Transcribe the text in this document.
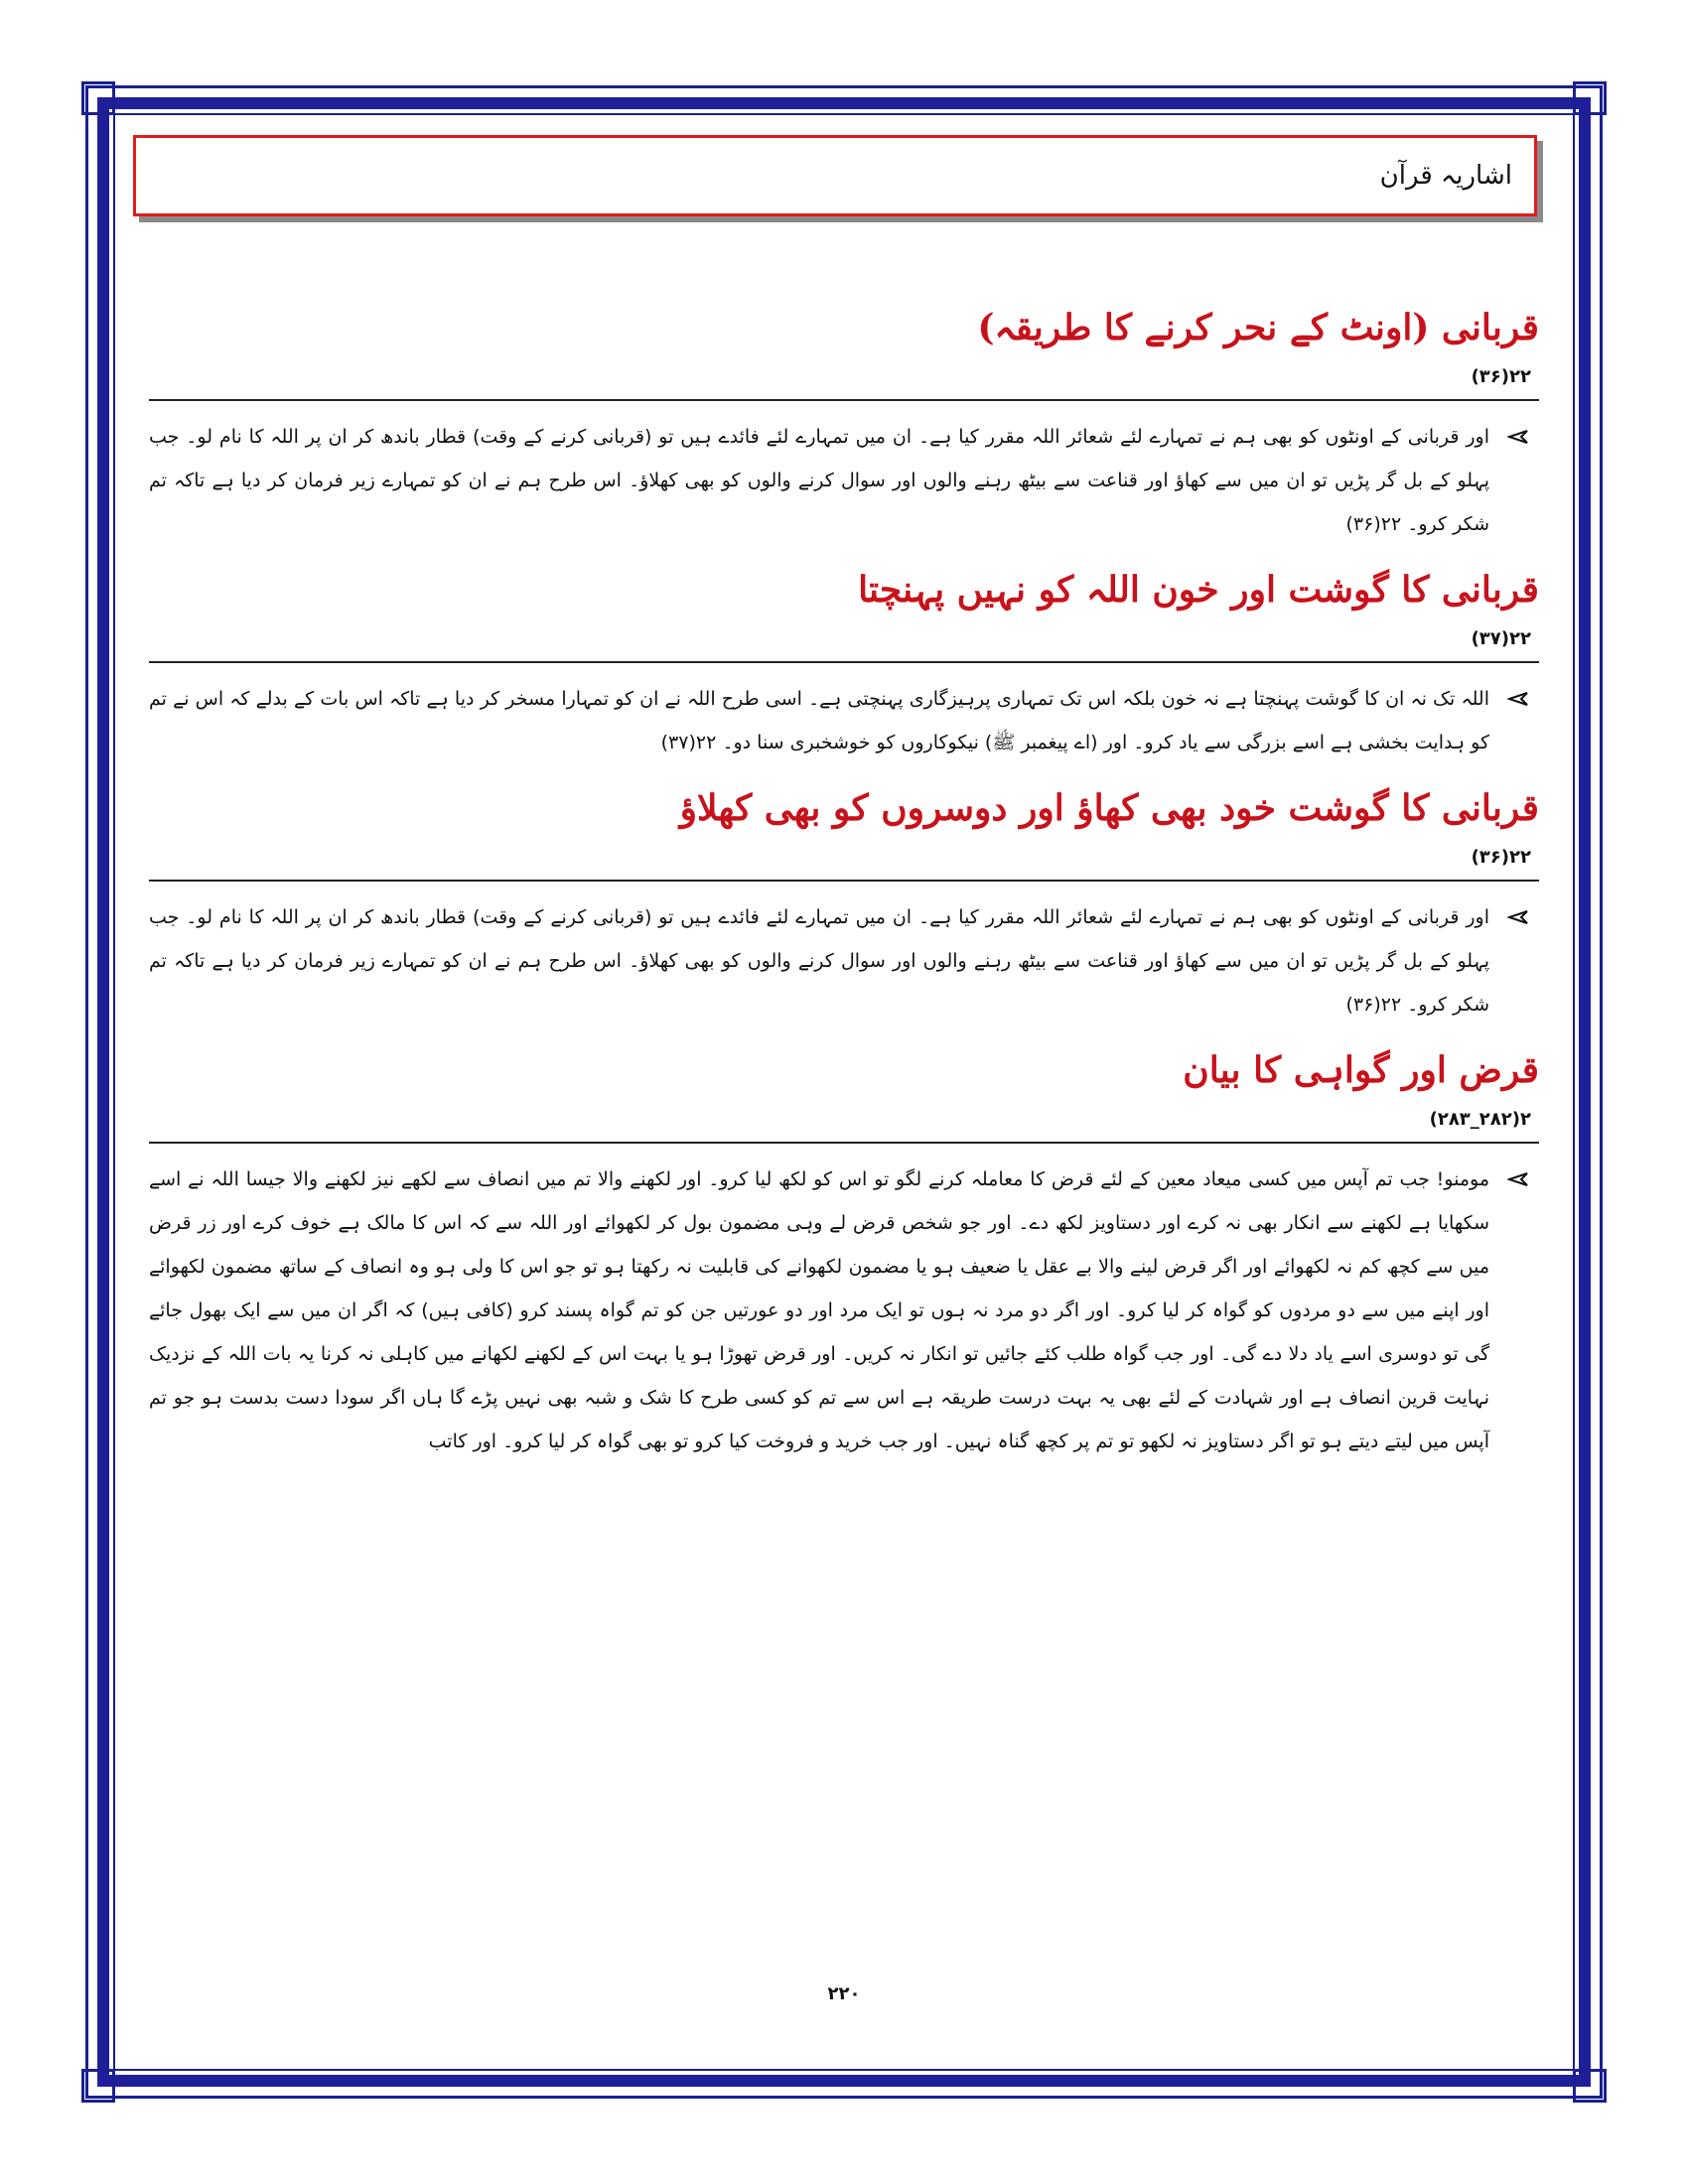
اشاریہ قرآن
قربانی (اونٹ کے نحر کرنے کا طریقہ)
۲۲(۳۶)
اور قربانی کے اونٹوں کو بھی ہم نے تمہارے لئے شعائر اللہ مقرر کیا ہے۔ ان میں تمہارے لئے فائدے ہیں تو (قربانی کرنے کے وقت) قطار باندھ کر ان پر اللہ کا نام لو۔ جب پہلو کے بل گر پڑیں تو ان میں سے کھاؤ اور قناعت سے بیٹھ رہنے والوں اور سوال کرنے والوں کو بھی کھلاؤ۔ اس طرح ہم نے ان کو تمہارے زیر فرمان کر دیا ہے تاکہ تم شکر کرو۔ ۲۲(۳۶)
قربانی کا گوشت اور خون اللہ کو نہیں پہنچتا
۲۲(۳۷)
اللہ تک نہ ان کا گوشت پہنچتا ہے نہ خون بلکہ اس تک تمہاری پرہیزگاری پہنچتی ہے۔ اسی طرح اللہ نے ان کو تمہارا مسخر کر دیا ہے تاکہ اس بات کے بدلے کہ اس نے تم کو ہدایت بخشی ہے اسے بزرگی سے یاد کرو۔ اور (اے پیغمبر ﷺ) نیکوکاروں کو خوشخبری سنا دو۔ ۲۲(۳۷)
قربانی کا گوشت خود بھی کھاؤ اور دوسروں کو بھی کھلاؤ
۲۲(۳۶)
اور قربانی کے اونٹوں کو بھی ہم نے تمہارے لئے شعائر اللہ مقرر کیا ہے۔ ان میں تمہارے لئے فائدے ہیں تو (قربانی کرنے کے وقت) قطار باندھ کر ان پر اللہ کا نام لو۔ جب پہلو کے بل گر پڑیں تو ان میں سے کھاؤ اور قناعت سے بیٹھ رہنے والوں اور سوال کرنے والوں کو بھی کھلاؤ۔ اس طرح ہم نے ان کو تمہارے زیر فرمان کر دیا ہے تاکہ تم شکر کرو۔ ۲۲(۳۶)
قرض اور گواہی کا بیان
۲(۲۸۲_۲۸۳)
مومنو! جب تم آپس میں کسی میعاد معین کے لئے قرض کا معاملہ کرنے لگو تو اس کو لکھ لیا کرو۔ اور لکھنے والا تم میں انصاف سے لکھے نیز لکھنے والا جیسا اللہ نے اسے سکھایا ہے لکھنے سے انکار بھی نہ کرے اور دستاویز لکھ دے۔ اور جو شخص قرض لے وہی مضمون بول کر لکھوائے اور اللہ سے کہ اس کا مالک ہے خوف کرے اور زر قرض میں سے کچھ کم نہ لکھوائے اور اگر قرض لینے والا بے عقل یا ضعیف ہو یا مضمون لکھوانے کی قابلیت نہ رکھتا ہو تو جو اس کا ولی ہو وہ انصاف کے ساتھ مضمون لکھوائے اور اپنے میں سے دو مردوں کو گواہ کر لیا کرو۔ اور اگر دو مرد نہ ہوں تو ایک مرد اور دو عورتیں جن کو تم گواہ پسند کرو (کافی ہیں) کہ اگر ان میں سے ایک بھول جائے گی تو دوسری اسے یاد دلا دے گی۔ اور جب گواہ طلب کئے جائیں تو انکار نہ کریں۔ اور قرض تھوڑا ہو یا بہت اس کے لکھنے لکھانے میں کاہلی نہ کرنا یہ بات اللہ کے نزدیک نہایت قرین انصاف ہے اور شہادت کے لئے بھی یہ بہت درست طریقہ ہے اس سے تم کو کسی طرح کا شک و شبہ بھی نہیں پڑے گا ہاں اگر سودا دست بدست ہو جو تم آپس میں لیتے دیتے ہو تو اگر دستاویز نہ لکھو تو تم پر کچھ گناہ نہیں۔ اور جب خرید و فروخت کیا کرو تو بھی گواہ کر لیا کرو۔ اور کاتب
۲۲۰
